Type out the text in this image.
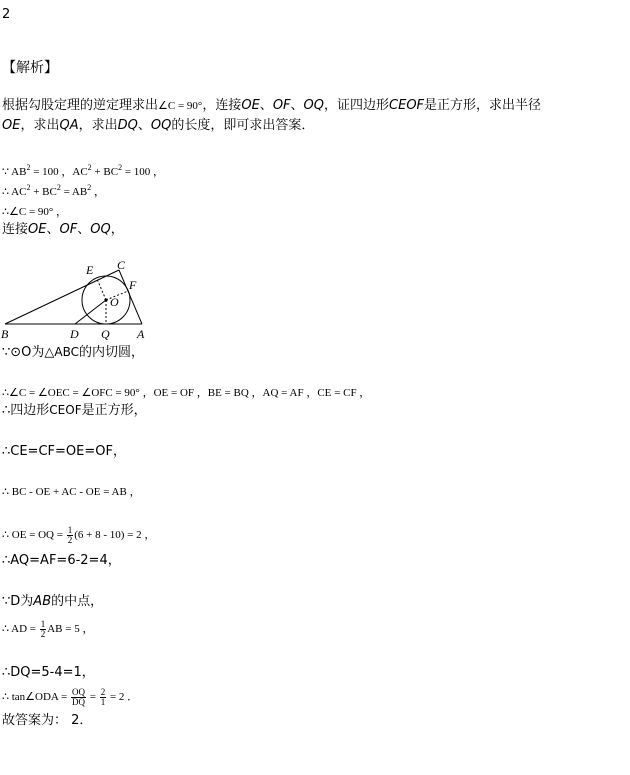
2
【解析】
根据勾股定理的逆定理求出∠C = 90°，连接OE、OF、OQ，证四边形CEOF是正方形，求出半径
OE，求出QA，求出DQ、OQ的长度，即可求出答案．
∵ $AB^2 = 100$ ，$AC^2 + BC^2 = 100$ ，
∴ $AC^2 + BC^2 = AB^2$ ，
∴∠C = 90° ，
连接OE、OF、OQ，
E C
F
O
B	D Q A
∵⊙O为△ABC的内切圆，
∴∠C = ∠OEC = ∠OFC = 90° ，OE = OF ，BE = BQ ，AQ = AF ，CE = CF ，
∴四边形CEOF是正方形，
∴CE=CF=OE=OF，
∴ BC - OE + AC - OE = AB ，
∴ OE = OQ = $\frac{1}{2} (6 + 8 - 10) = 2$ ，
∴AQ=AF=6-2=4，
∵D为AB的中点，
∴ AD = $\frac{1}{2}$ AB = 5 ，
∴DQ=5-4=1，
∴ tan∠ODA = $\frac{OQ}{DQ} = \frac{2}{1} = 2$ ．
故答案为： 2．
